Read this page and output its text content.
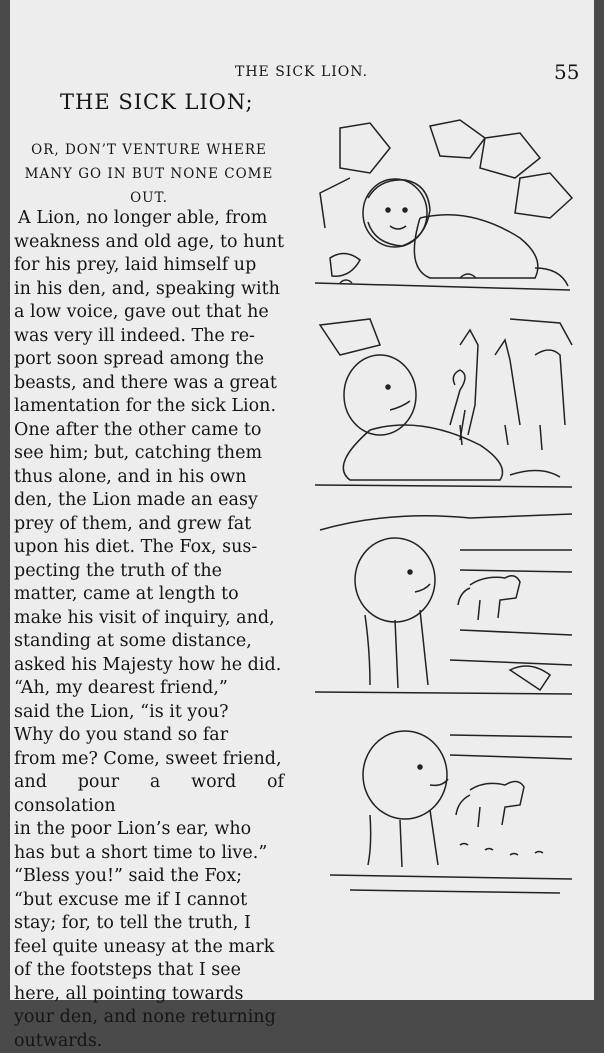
THE SICK LION.	55
THE SICK LION;
OR, DON’T VENTURE WHERE
MANY GO IN BUT NONE COME
OUT.
A Lion, no longer able, from
weakness and old age, to hunt
for his prey, laid himself up
in his den, and, speaking with
a low voice, gave out that he
was very ill indeed. The re-
port soon spread among the
beasts, and there was a great
lamentation for the sick Lion.
One after the other came to
see him; but, catching them
thus alone, and in his own
den, the Lion made an easy
prey of them, and grew fat
upon his diet. The Fox, sus-
pecting the truth of the
matter, came at length to
make his visit of inquiry, and,
standing at some distance,
asked his Majesty how he did.
“Ah, my dearest friend,”
said the Lion, “is it you?
Why do you stand so far
from me? Come, sweet friend,
and pour a word of consolation
in the poor Lion’s ear, who
has but a short time to live.”
“Bless you!” said the Fox;
“but excuse me if I cannot
stay; for, to tell the truth, I
feel quite uneasy at the mark
of the footsteps that I see
here, all pointing towards
your den, and none returning
outwards.
